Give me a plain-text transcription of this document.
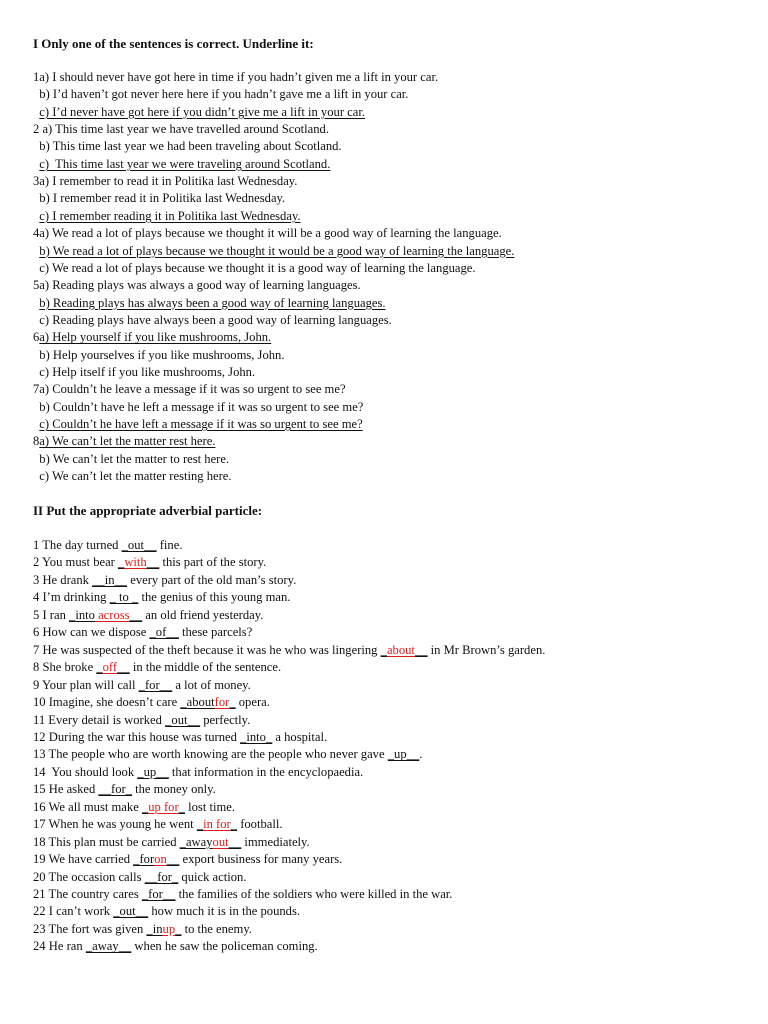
I Only one of the sentences is correct. Underline it:
1a) I should never have got here in time if you hadn’t given me a lift in your car.
b) I’d haven’t got never here here if you hadn’t gave me a lift in your car.
c) I’d never have got here if you didn’t give me a lift in your car.
2 a) This time last year we have travelled around Scotland.
b) This time last year we had been traveling about Scotland.
c)  This time last year we were traveling around Scotland.
3a) I remember to read it in Politika last Wednesday.
b) I remember read it in Politika last Wednesday.
c) I remember reading it in Politika last Wednesday.
4a) We read a lot of plays because we thought it will be a good way of learning the language.
b) We read a lot of plays because we thought it would be a good way of learning the language.
c) We read a lot of plays because we thought it is a good way of learning the language.
5a) Reading plays was always a good way of learning languages.
b) Reading plays has always been a good way of learning languages.
c) Reading plays have always been a good way of learning languages.
6a) Help yourself if you like mushrooms, John.
b) Help yourselves if you like mushrooms, John.
c) Help itself if you like mushrooms, John.
7a) Couldn’t he leave a message if it was so urgent to see me?
b) Couldn’t have he left a message if it was so urgent to see me?
c) Couldn’t he have left a message if it was so urgent to see me?
8a) We can’t let the matter rest here.
b) We can’t let the matter to rest here.
c) We can’t let the matter resting here.
II Put the appropriate adverbial particle:
1 The day turned _out__ fine.
2 You must bear _with__ this part of the story.
3 He drank __in__ every part of the old man’s story.
4 I’m drinking _ to _ the genius of this young man.
5 I ran _into across__ an old friend yesterday.
6 How can we dispose _of__ these parcels?
7 He was suspected of the theft because it was he who was lingering _about__ in Mr Brown’s garden.
8 She broke _off__ in the middle of the sentence.
9 Your plan will call _for__ a lot of money.
10 Imagine, she doesn’t care _aboutfor_ opera.
11 Every detail is worked _out__ perfectly.
12 During the war this house was turned _into_ a hospital.
13 The people who are worth knowing are the people who never gave _up__.
14  You should look _up__ that information in the encyclopaedia.
15 He asked __for_ the money only.
16 We all must make _up for_ lost time.
17 When he was young he went _in for_ football.
18 This plan must be carried _awayout__ immediately.
19 We have carried _foron__ export business for many years.
20 The occasion calls __for_ quick action.
21 The country cares _for__ the families of the soldiers who were killed in the war.
22 I can’t work _out__ how much it is in the pounds.
23 The fort was given _inup_ to the enemy.
24 He ran _away__ when he saw the policeman coming.
